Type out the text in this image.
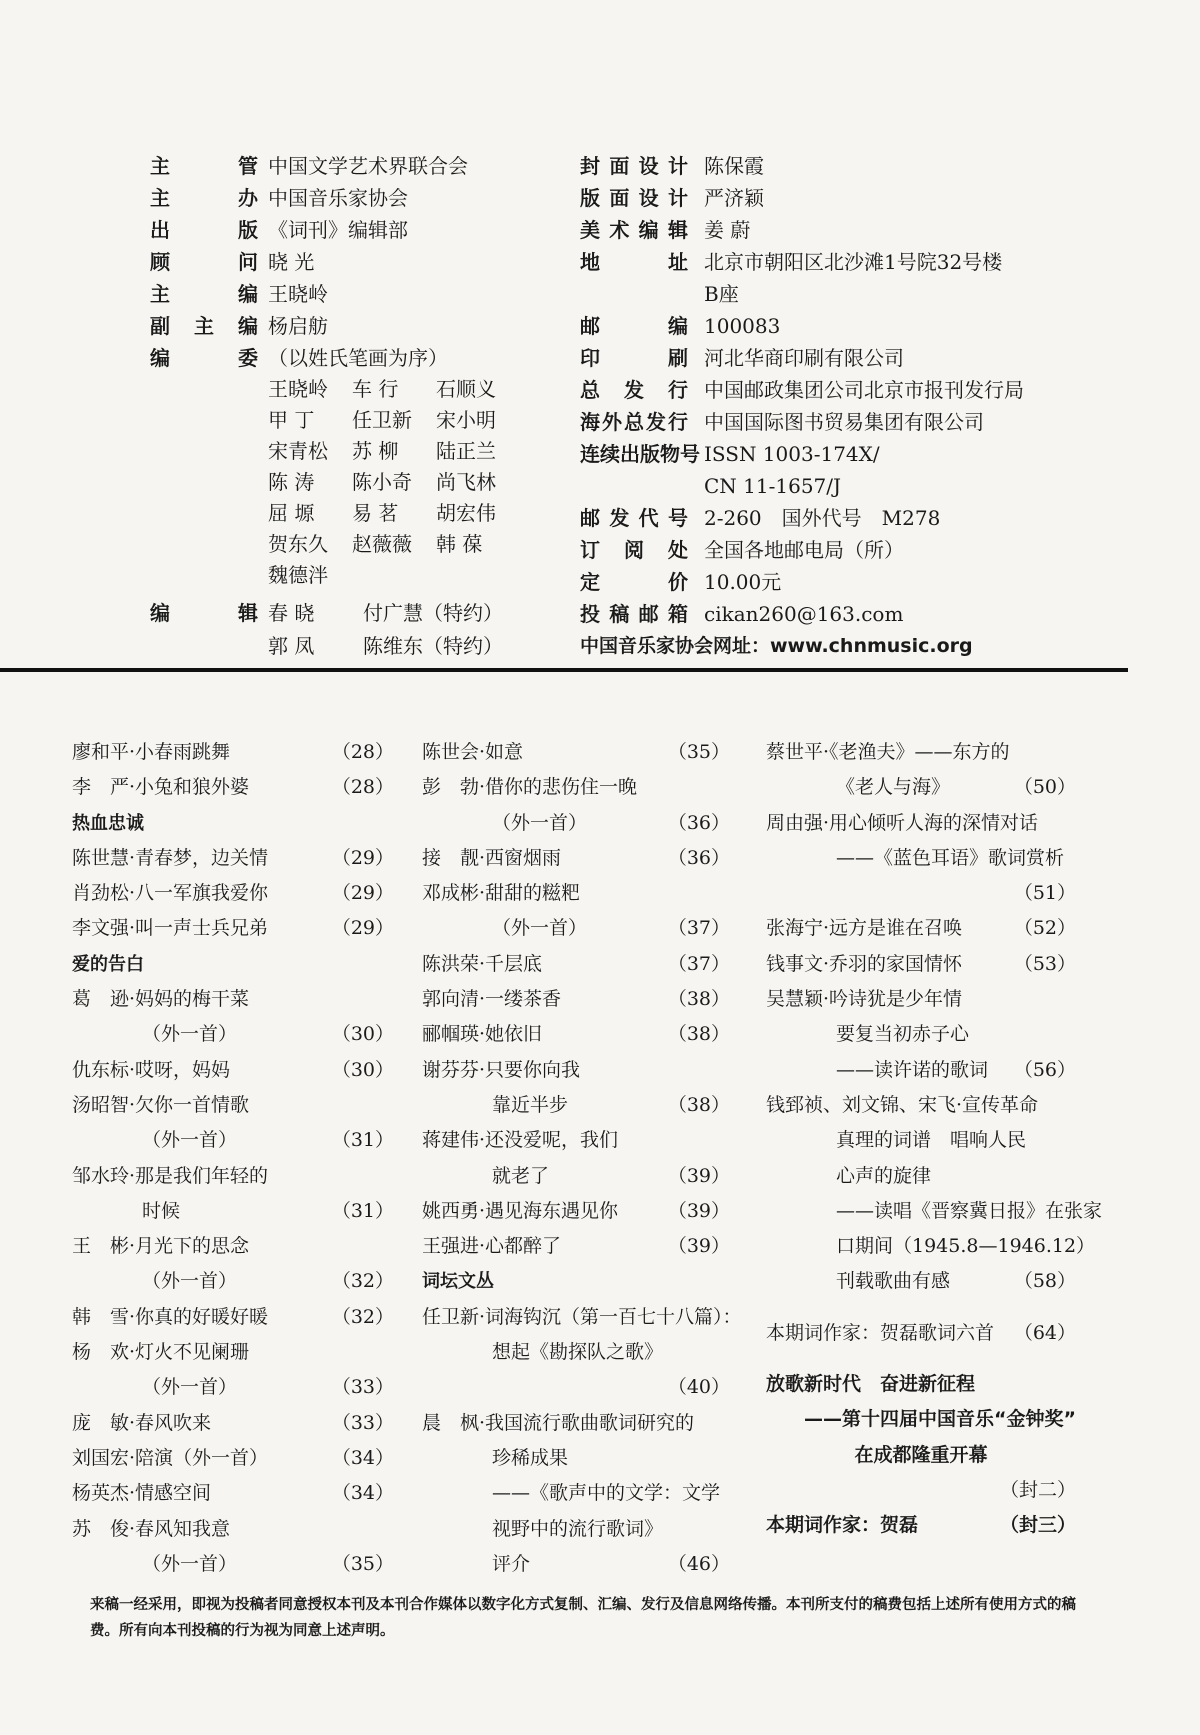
主 管 中国文学艺术界联合会
主 办 中国音乐家协会
出 版 《词刊》编辑部
顾 问 晓 光
主 编 王晓岭
副主编 杨启舫
编 委 （以姓氏笔画为序）
王晓岭	车 行	石顺义
甲 丁	任卫新	宋小明
宋青松	苏 柳	陆正兰
陈 涛	陈小奇	尚飞林
屈 塬	易 茗	胡宏伟
贺东久	赵薇薇	韩 葆
魏德泮
编 辑 春 晓	付广慧（特约）
郭 凤	陈维东（特约）
封面设计 陈保霞
版面设计 严济颖
美术编辑 姜 蔚
地 址 北京市朝阳区北沙滩1号院32号楼
B座
邮 编 100083
印 刷 河北华商印刷有限公司
总 发 行 中国邮政集团公司北京市报刊发行局
海外总发行 中国国际图书贸易集团有限公司
连续出版物号 ISSN 1003-174X/
CN 11-1657/J
邮发代号 2-260　国外代号　M278
订 阅 处 全国各地邮电局（所）
定 价 10.00元
投稿邮箱 cikan260@163.com
中国音乐家协会网址：www.chnmusic.org
廖和平·小春雨跳舞	（28）
李　严·小兔和狼外婆	（28）
热血忠诚
陈世慧·青春梦，边关情	（29）
肖劲松·八一军旗我爱你	（29）
李文强·叫一声士兵兄弟	（29）
爱的告白
葛　逊·妈妈的梅干菜
（外一首）	（30）
仇东标·哎呀，妈妈	（30）
汤昭智·欠你一首情歌
（外一首）	（31）
邹水玲·那是我们年轻的
时候	（31）
王　彬·月光下的思念
（外一首）	（32）
韩　雪·你真的好暖好暖	（32）
杨　欢·灯火不见阑珊
（外一首）	（33）
庞　敏·春风吹来	（33）
刘国宏·陪演（外一首）	（34）
杨英杰·情感空间	（34）
苏　俊·春风知我意
（外一首）	（35）
陈世会·如意	（35）
彭　勃·借你的悲伤住一晚
（外一首）	（36）
接　靓·西窗烟雨	（36）
邓成彬·甜甜的糍粑
（外一首）	（37）
陈洪荣·千层底	（37）
郭向清·一缕茶香	（38）
郦帼瑛·她依旧	（38）
谢芬芬·只要你向我
靠近半步	（38）
蒋建伟·还没爱呢，我们
就老了	（39）
姚西勇·遇见海东遇见你	（39）
王强进·心都醉了	（39）
词坛文丛
任卫新·词海钩沉（第一百七十八篇）：
想起《勘探队之歌》
（40）
晨　枫·我国流行歌曲歌词研究的
珍稀成果
——《歌声中的文学：文学
视野中的流行歌词》
评介	（46）
蔡世平·《老渔夫》——东方的
《老人与海》	（50）
周由强·用心倾听人海的深情对话
——《蓝色耳语》歌词赏析
（51）
张海宁·远方是谁在召唤	（52）
钱事文·乔羽的家国情怀	（53）
吴慧颖·吟诗犹是少年情
要复当初赤子心
——读许诺的歌词	（56）
钱郅祯、刘文锦、宋飞·宣传革命
真理的词谱　唱响人民
心声的旋律
——读唱《晋察冀日报》在张家
口期间（1945.8—1946.12）
刊载歌曲有感	（58）
本期词作家：贺磊歌词六首	（64）
放歌新时代　奋进新征程
——第十四届中国音乐“金钟奖”
在成都隆重开幕
（封二）
本期词作家：贺磊	（封三）
来稿一经采用，即视为投稿者同意授权本刊及本刊合作媒体以数字化方式复制、汇编、发行及信息网络传播。本刊所支付的稿费包括上述所有使用方式的稿费。所有向本刊投稿的行为视为同意上述声明。
